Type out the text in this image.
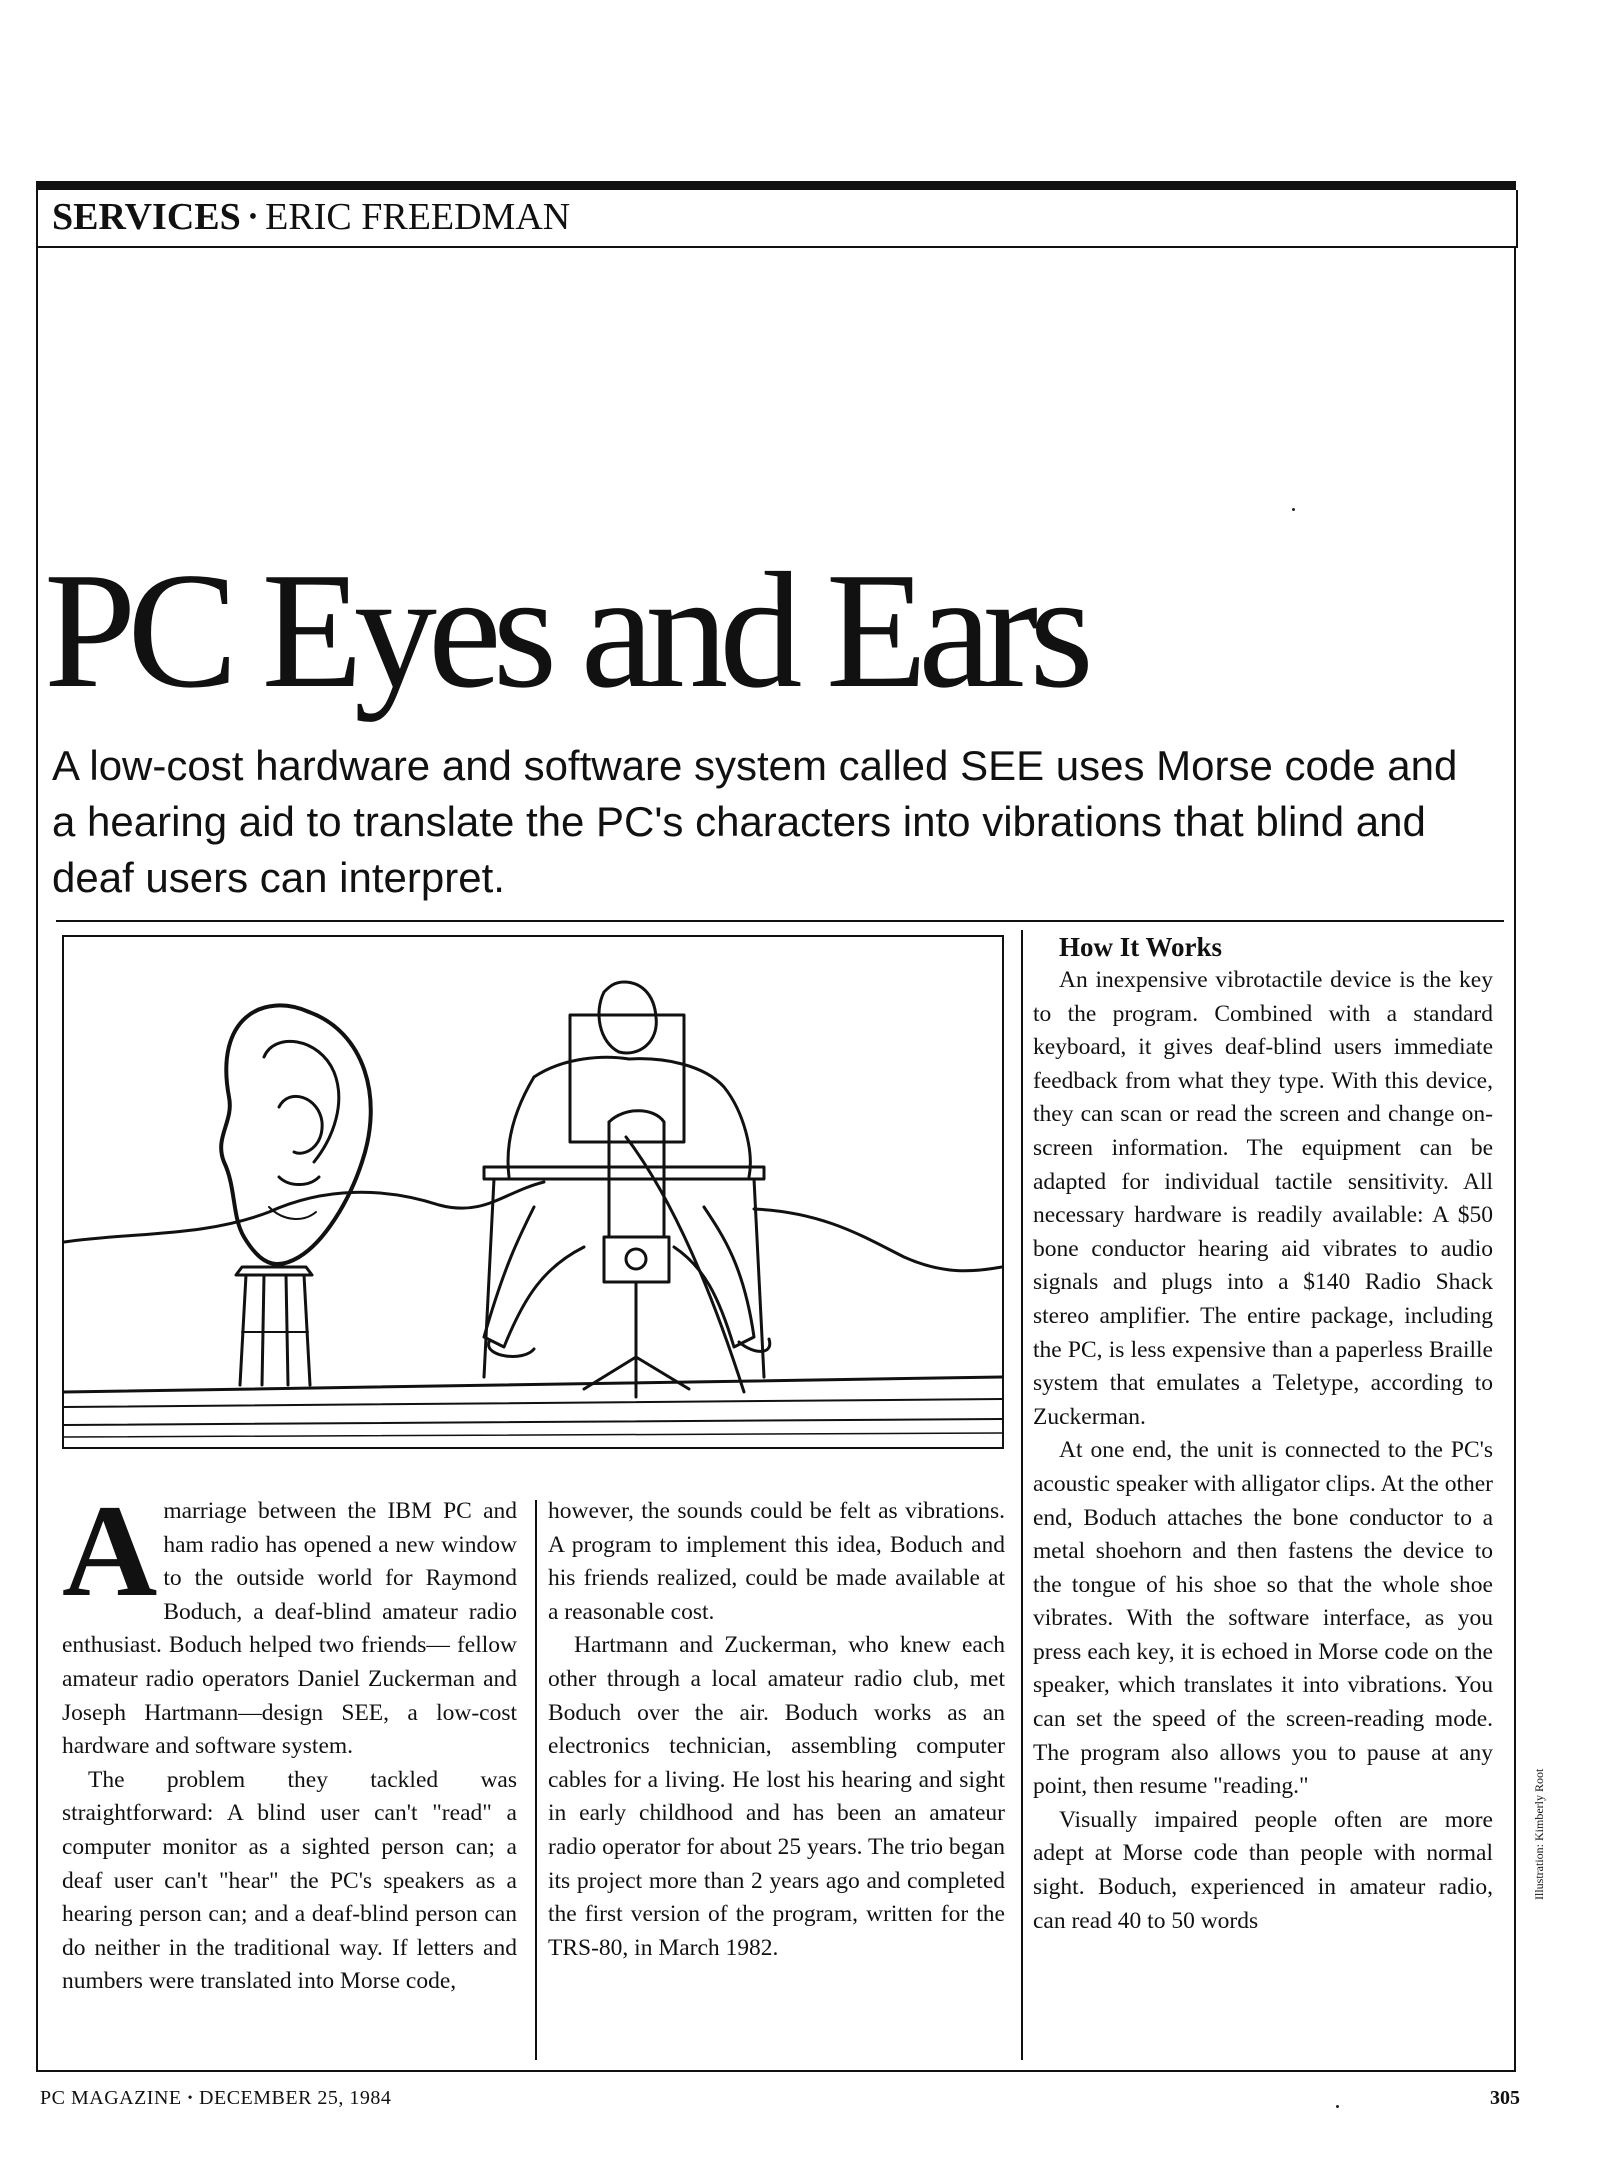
SERVICES • ERIC FREEDMAN
PC Eyes and Ears
A low-cost hardware and software system called SEE uses Morse code and a hearing aid to translate the PC's characters into vibrations that blind and deaf users can interpret.

A marriage between the IBM PC and ham radio has opened a new window to the outside world for Raymond Boduch, a deaf-blind amateur radio enthusiast. Boduch helped two friends— fellow amateur radio operators Daniel Zuckerman and Joseph Hartmann—design SEE, a low-cost hardware and software system.

The problem they tackled was straightforward: A blind user can't "read" a computer monitor as a sighted person can; a deaf user can't "hear" the PC's speakers as a hearing person can; and a deaf-blind person can do neither in the traditional way. If letters and numbers were translated into Morse code,

however, the sounds could be felt as vibrations. A program to implement this idea, Boduch and his friends realized, could be made available at a reasonable cost.

Hartmann and Zuckerman, who knew each other through a local amateur radio club, met Boduch over the air. Boduch works as an electronics technician, assembling computer cables for a living. He lost his hearing and sight in early childhood and has been an amateur radio operator for about 25 years. The trio began its project more than 2 years ago and completed the first version of the program, written for the TRS-80, in March 1982.

How It Works

An inexpensive vibrotactile device is the key to the program. Combined with a standard keyboard, it gives deaf-blind users immediate feedback from what they type. With this device, they can scan or read the screen and change on-screen information. The equipment can be adapted for individual tactile sensitivity. All necessary hardware is readily available: A $50 bone conductor hearing aid vibrates to audio signals and plugs into a $140 Radio Shack stereo amplifier. The entire package, including the PC, is less expensive than a paperless Braille system that emulates a Teletype, according to Zuckerman.

At one end, the unit is connected to the PC's acoustic speaker with alligator clips. At the other end, Boduch attaches the bone conductor to a metal shoehorn and then fastens the device to the tongue of his shoe so that the whole shoe vibrates. With the software interface, as you press each key, it is echoed in Morse code on the speaker, which translates it into vibrations. You can set the speed of the screen-reading mode. The program also allows you to pause at any point, then resume "reading."

Visually impaired people often are more adept at Morse code than people with normal sight. Boduch, experienced in amateur radio, can read 40 to 50 words

Illustration: Kimberly Root
PC MAGAZINE • DECEMBER 25, 1984	305
